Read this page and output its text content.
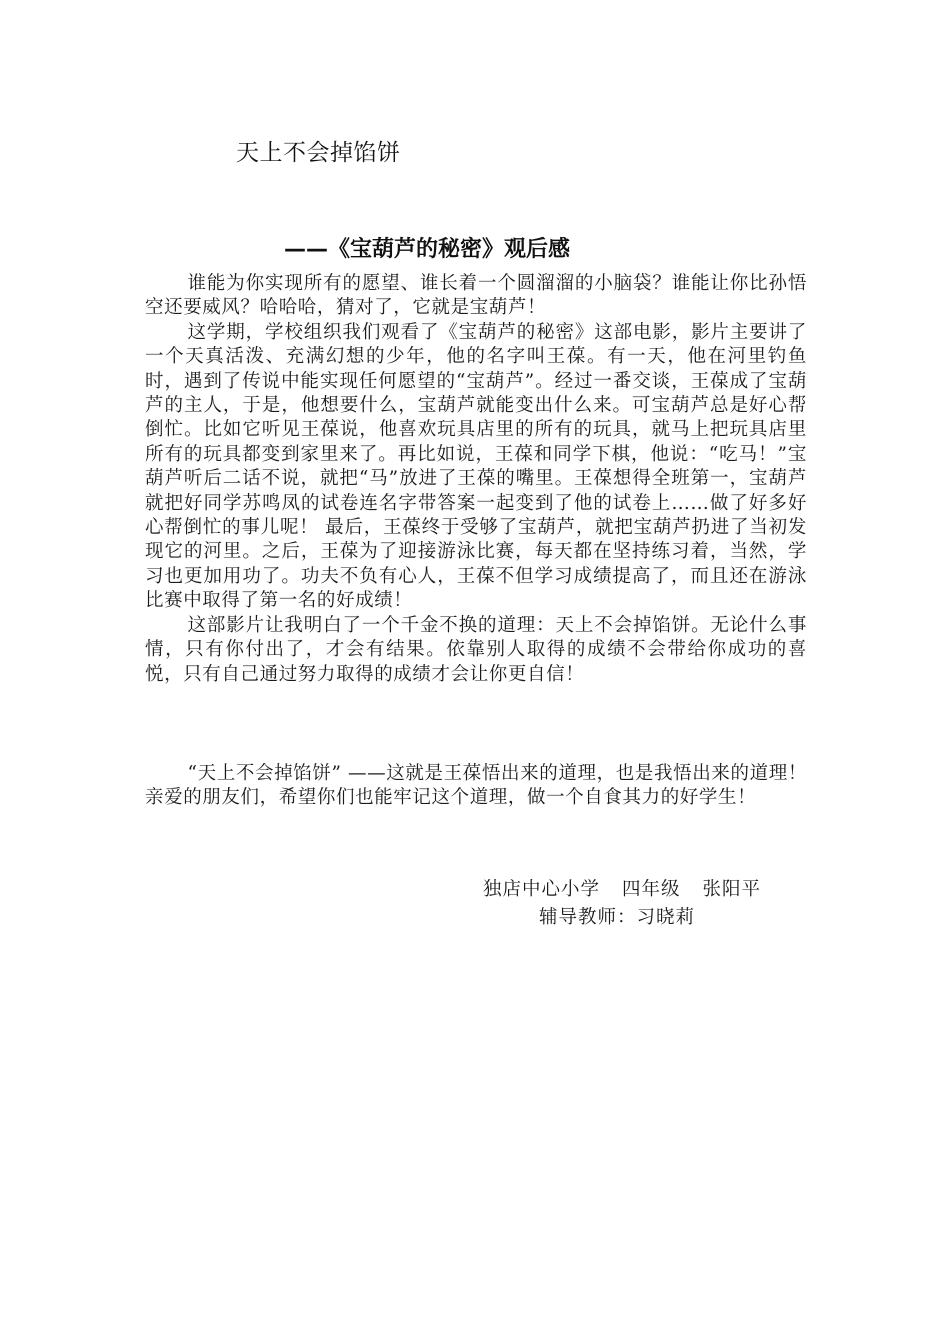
天上不会掉馅饼
——《宝葫芦的秘密》观后感

谁能为你实现所有的愿望、谁长着一个圆溜溜的小脑袋？谁能让你比孙悟空还要威风？哈哈哈，猜对了，它就是宝葫芦！

这学期，学校组织我们观看了《宝葫芦的秘密》这部电影，影片主要讲了一个天真活泼、充满幻想的少年，他的名字叫王葆。有一天，他在河里钓鱼时，遇到了传说中能实现任何愿望的“宝葫芦”。经过一番交谈，王葆成了宝葫芦的主人，于是，他想要什么，宝葫芦就能变出什么来。可宝葫芦总是好心帮倒忙。比如它听见王葆说，他喜欢玩具店里的所有的玩具，就马上把玩具店里所有的玩具都变到家里来了。再比如说，王葆和同学下棋，他说：“吃马！”宝葫芦听后二话不说，就把“马”放进了王葆的嘴里。王葆想得全班第一，宝葫芦就把好同学苏鸣凤的试卷连名字带答案一起变到了他的试卷上……做了好多好心帮倒忙的事儿呢！ 最后，王葆终于受够了宝葫芦，就把宝葫芦扔进了当初发现它的河里。之后，王葆为了迎接游泳比赛，每天都在坚持练习着，当然，学习也更加用功了。功夫不负有心人，王葆不但学习成绩提高了，而且还在游泳比赛中取得了第一名的好成绩！

这部影片让我明白了一个千金不换的道理：天上不会掉馅饼。无论什么事情，只有你付出了，才会有结果。依靠别人取得的成绩不会带给你成功的喜悦，只有自己通过努力取得的成绩才会让你更自信！

“天上不会掉馅饼” ——这就是王葆悟出来的道理，也是我悟出来的道理！亲爱的朋友们，希望你们也能牢记这个道理，做一个自食其力的好学生！

独店中心小学 四年级 张阳平
辅导教师：习晓莉
